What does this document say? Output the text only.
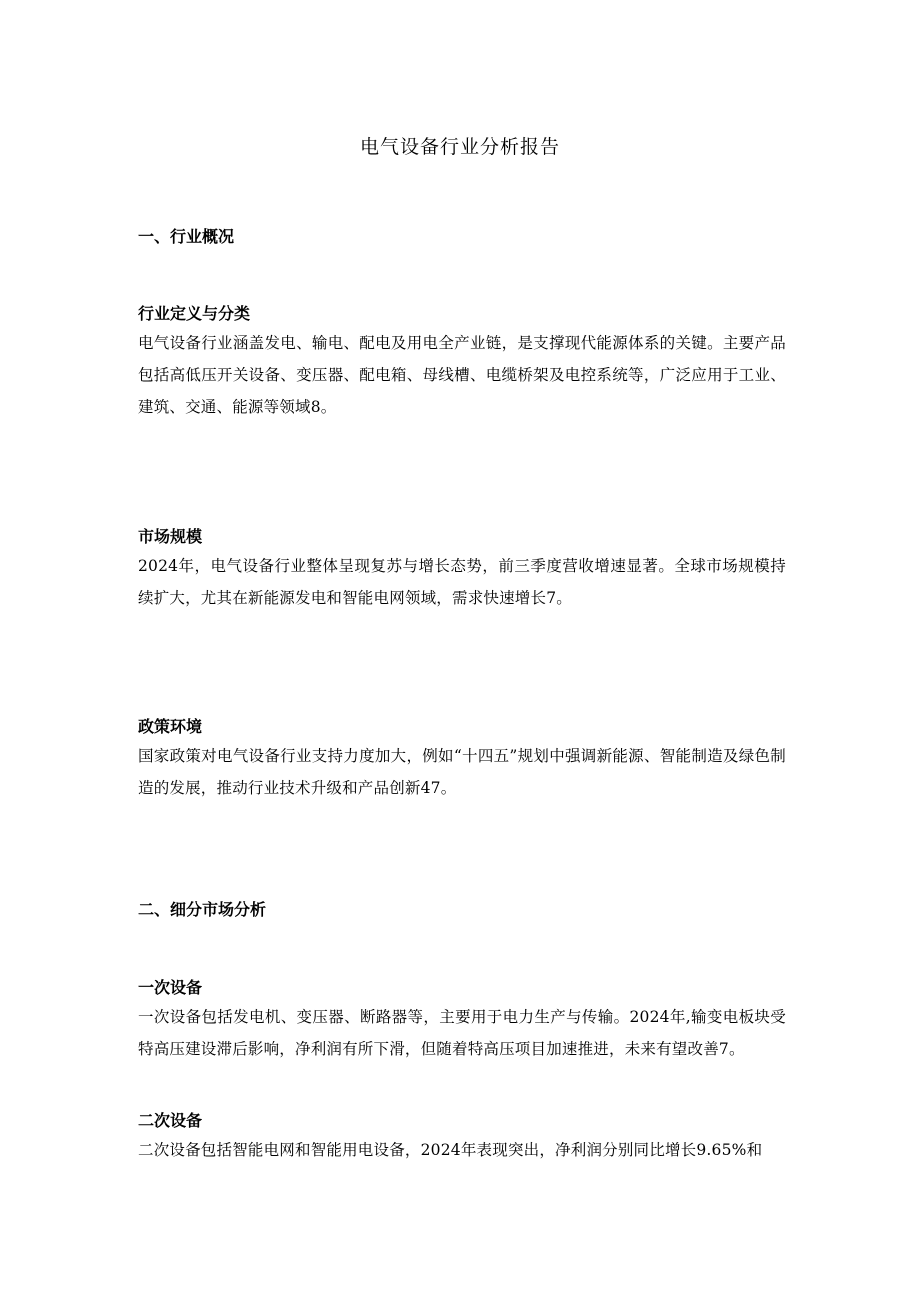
电气设备行业分析报告
一、行业概况
行业定义与分类

电气设备行业涵盖发电、输电、配电及用电全产业链，是支撑现代能源体系的关键。主要产品包括高低压开关设备、变压器、配电箱、母线槽、电缆桥架及电控系统等，广泛应用于工业、建筑、交通、能源等领域8。

市场规模

2024年，电气设备行业整体呈现复苏与增长态势，前三季度营收增速显著。全球市场规模持续扩大，尤其在新能源发电和智能电网领域，需求快速增长7。

政策环境

国家政策对电气设备行业支持力度加大，例如“十四五”规划中强调新能源、智能制造及绿色制造的发展，推动行业技术升级和产品创新47。

二、细分市场分析
一次设备

一次设备包括发电机、变压器、断路器等，主要用于电力生产与传输。2024年,输变电板块受特高压建设滞后影响，净利润有所下滑，但随着特高压项目加速推进，未来有望改善7。

二次设备

二次设备包括智能电网和智能用电设备，2024年表现突出，净利润分别同比增长9.65%和
